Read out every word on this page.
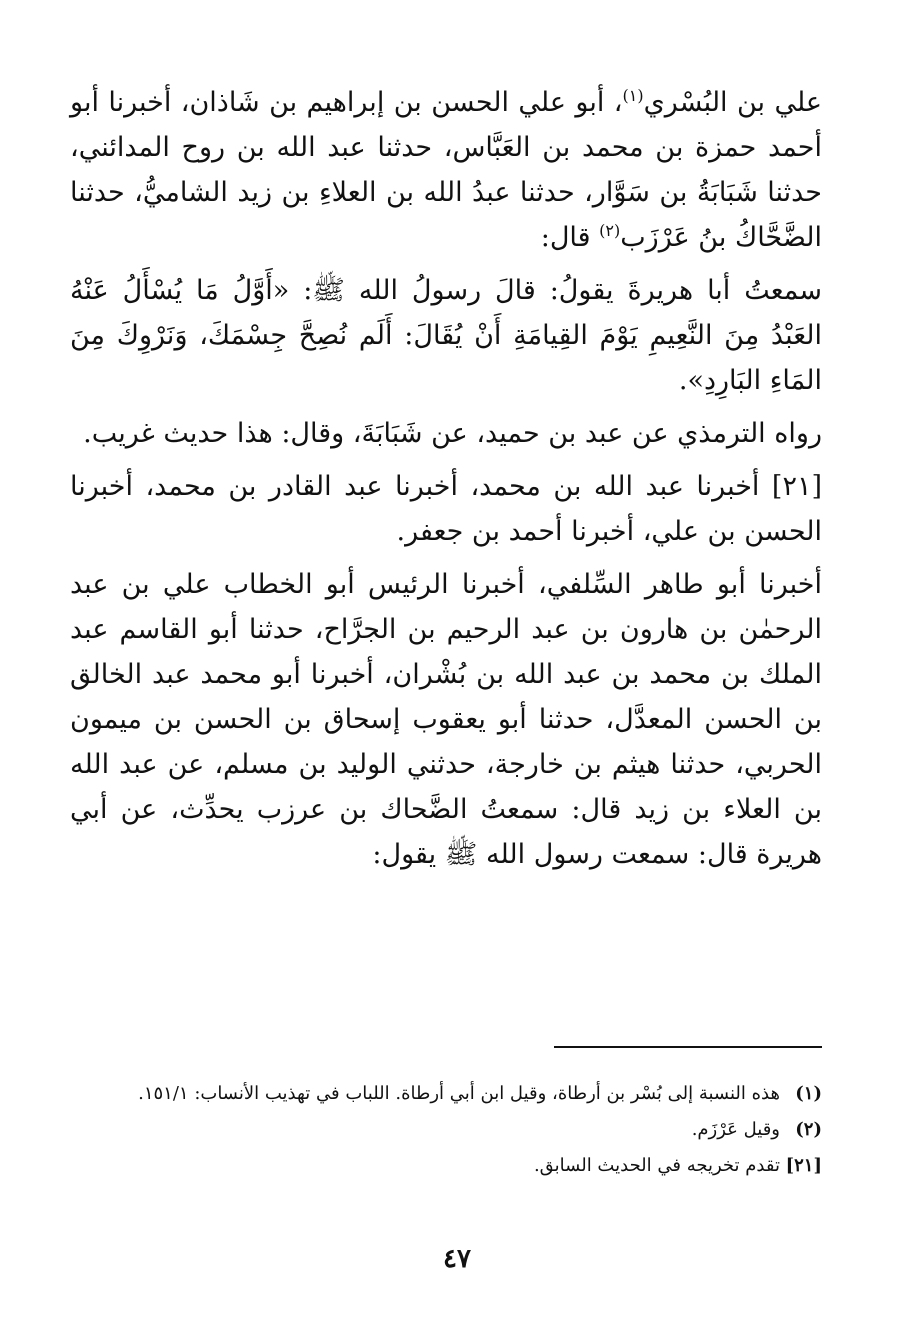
علي بن البُسْري$^{(١)}$، أبو علي الحسن بن إبراهيم بن شَاذان، أخبرنا أبو أحمد حمزة بن محمد بن العَبَّاس، حدثنا عبد الله بن روح المدائني، حدثنا شَبَابَةُ بن سَوَّار، حدثنا عبدُ الله بن العلاءِ بن زيد الشاميُّ، حدثنا الضَّحَّاكُ بنُ عَرْزَب$^{(٢)}$ قال:

سمعتُ أبا هريرةَ يقولُ: قالَ رسولُ الله ﷺ: «أَوَّلُ مَا يُسْأَلُ عَنْهُ العَبْدُ مِنَ النَّعِيمِ يَوْمَ القِيامَةِ أَنْ يُقَالَ: أَلَم نُصِحَّ جِسْمَكَ، وَنَرْوِكَ مِنَ المَاءِ البَارِدِ».

رواه الترمذي عن عبد بن حميد، عن شَبَابَةَ، وقال: هذا حديث غريب.

[٢١] أخبرنا عبد الله بن محمد، أخبرنا عبد القادر بن محمد، أخبرنا الحسن بن علي، أخبرنا أحمد بن جعفر.

أخبرنا أبو طاهر السِّلفي، أخبرنا الرئيس أبو الخطاب علي بن عبد الرحمٰن بن هارون بن عبد الرحيم بن الجرَّاح، حدثنا أبو القاسم عبد الملك بن محمد بن عبد الله بن بُشْران، أخبرنا أبو محمد عبد الخالق بن الحسن المعدَّل، حدثنا أبو يعقوب إسحاق بن الحسن بن ميمون الحربي، حدثنا هيثم بن خارجة، حدثني الوليد بن مسلم، عن عبد الله بن العلاء بن زيد قال: سمعتُ الضَّحاك بن عرزب يحدِّث، عن أبي هريرة قال: سمعت رسول الله ﷺ يقول:

(١)
هذه النسبة إلى بُسْر بن أرطاة، وقيل ابن أبي أرطاة. اللباب في تهذيب الأنساب: ١٥١/١.
(٢)
وقيل عَرْزَم.
[٢١]
تقدم تخريجه في الحديث السابق.
٤٧
